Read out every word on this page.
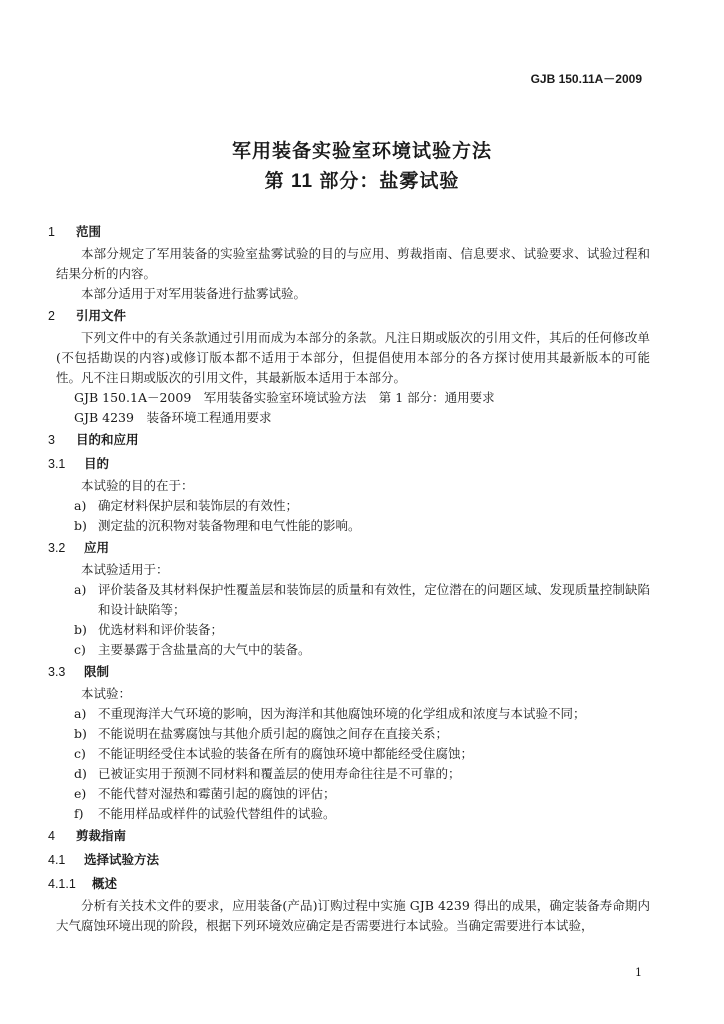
GJB 150.11A－2009
军用装备实验室环境试验方法
第 11 部分：盐雾试验
1 范围
本部分规定了军用装备的实验室盐雾试验的目的与应用、剪裁指南、信息要求、试验要求、试验过程和结果分析的内容。
本部分适用于对军用装备进行盐雾试验。
2 引用文件
下列文件中的有关条款通过引用而成为本部分的条款。凡注日期或版次的引用文件，其后的任何修改单(不包括勘误的内容)或修订版本都不适用于本部分，但提倡使用本部分的各方探讨使用其最新版本的可能性。凡不注日期或版次的引用文件，其最新版本适用于本部分。
GJB 150.1A－2009　军用装备实验室环境试验方法　第 1 部分：通用要求
GJB 4239　装备环境工程通用要求
3 目的和应用
3.1 目的
本试验的目的在于：
a) 确定材料保护层和装饰层的有效性；
b) 测定盐的沉积物对装备物理和电气性能的影响。
3.2 应用
本试验适用于：
a) 评价装备及其材料保护性覆盖层和装饰层的质量和有效性，定位潜在的问题区域、发现质量控制缺陷和设计缺陷等；
b) 优选材料和评价装备；
c) 主要暴露于含盐量高的大气中的装备。
3.3 限制
本试验：
a) 不重现海洋大气环境的影响，因为海洋和其他腐蚀环境的化学组成和浓度与本试验不同；
b) 不能说明在盐雾腐蚀与其他介质引起的腐蚀之间存在直接关系；
c) 不能证明经受住本试验的装备在所有的腐蚀环境中都能经受住腐蚀；
d) 已被证实用于预测不同材料和覆盖层的使用寿命往往是不可靠的；
e) 不能代替对湿热和霉菌引起的腐蚀的评估；
f)	不能用样品或样件的试验代替组件的试验。
4 剪裁指南
4.1 选择试验方法
4.1.1 概述
分析有关技术文件的要求，应用装备(产品)订购过程中实施 GJB 4239 得出的成果，确定装备寿命期内大气腐蚀环境出现的阶段，根据下列环境效应确定是否需要进行本试验。当确定需要进行本试验，
1
